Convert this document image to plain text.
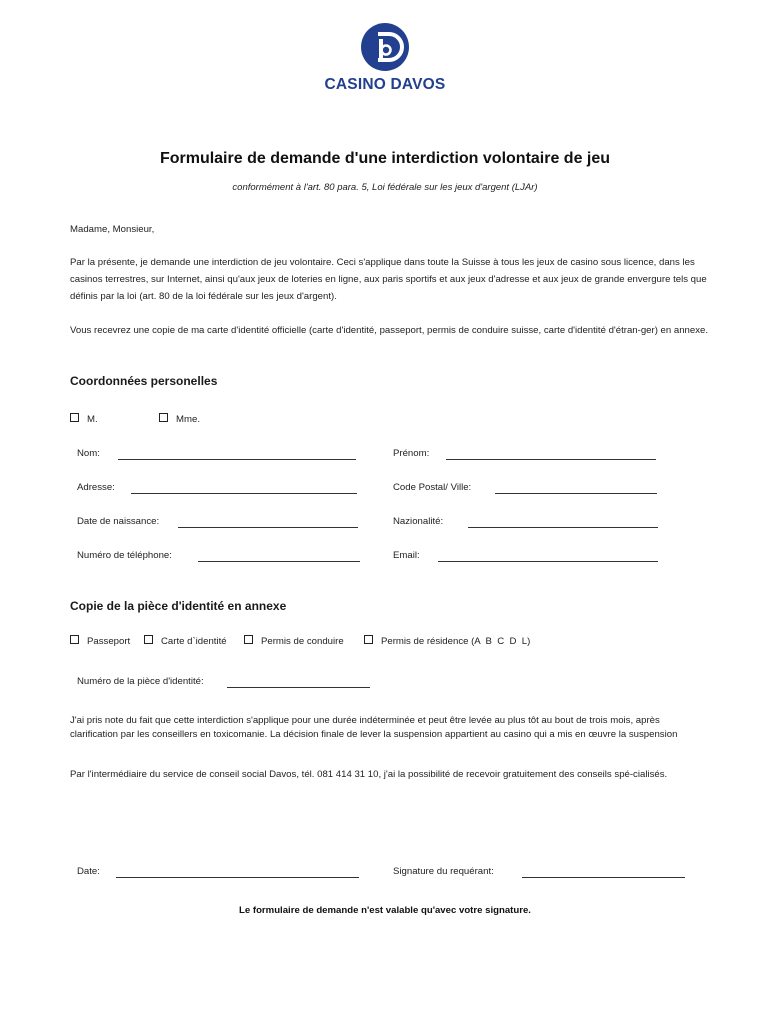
CASINO DAVOS
Formulaire de demande d'une interdiction volontaire de jeu
conformément à l'art. 80 para. 5, Loi fédérale sur les jeux d'argent (LJAr)
Madame, Monsieur,
Par la présente, je demande une interdiction de jeu volontaire. Ceci s'applique dans toute la Suisse à tous les jeux de casino sous licence, dans les casinos terrestres, sur Internet, ainsi qu'aux jeux de loteries en ligne, aux paris sportifs et aux jeux d'adresse et aux jeux de grande envergure tels que définis par la loi (art. 80 de la loi fédérale sur les jeux d'argent).
Vous recevrez une copie de ma carte d'identité officielle (carte d'identité, passeport, permis de conduire suisse, carte d'identité d'étran-ger) en annexe.
Coordonnées personelles
M.	Mme.
Nom:	Prénom:
Adresse:	Code Postal/ Ville:
Date de naissance:	Nazionalité:
Numéro de téléphone:	Email:
Copie de la pièce d'identité en annexe
Passeport	Carte d`identité	Permis de conduire	Permis de résidence (A  B  C  D  L)
Numéro de la pièce d'identité:
J'ai pris note du fait que cette interdiction s'applique pour une durée indéterminée et peut être levée au plus tôt au bout de trois mois, après clarification par les conseillers en toxicomanie. La décision finale de lever la suspension appartient au casino qui a mis en œuvre la suspension
Par l'intermédiaire du service de conseil social Davos, tél. 081 414 31 10, j'ai la possibilité de recevoir gratuitement des conseils spé-cialisés.
Date:	Signature du requérant:
Le formulaire de demande n'est valable qu'avec votre signature.
